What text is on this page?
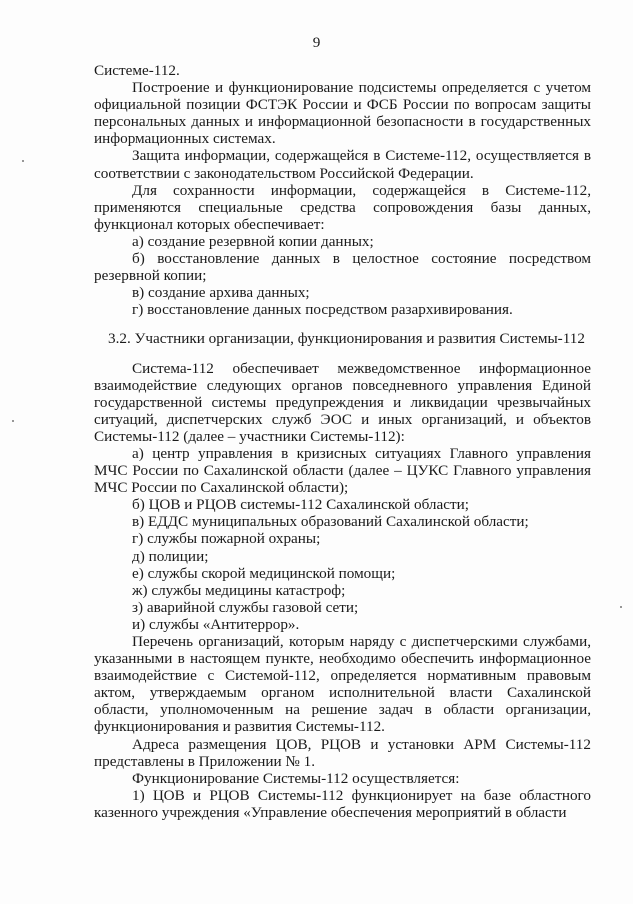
9

Системе-112.

Построение и функционирование подсистемы определяется с учетом официальной позиции ФСТЭК России и ФСБ России по вопросам защиты персональных данных и информационной безопасности в государственных информационных системах.

Защита информации, содержащейся в Системе-112, осуществляется в соответствии с законодательством Российской Федерации.

Для сохранности информации, содержащейся в Системе-112, применяются специальные средства сопровождения базы данных, функционал которых обеспечивает:

а) создание резервной копии данных;

б) восстановление данных в целостное состояние посредством резервной копии;

в) создание архива данных;

г) восстановление данных посредством разархивирования.

3.2. Участники организации, функционирования и развития Системы-112

Система-112 обеспечивает межведомственное информационное взаимодействие следующих органов повседневного управления Единой государственной системы предупреждения и ликвидации чрезвычайных ситуаций, диспетчерских служб ЭОС и иных организаций, и объектов Системы-112 (далее – участники Системы-112):

а) центр управления в кризисных ситуациях Главного управления МЧС России по Сахалинской области (далее – ЦУКС Главного управления МЧС России по Сахалинской области);

б) ЦОВ и РЦОВ системы-112 Сахалинской области;

в) ЕДДС муниципальных образований Сахалинской области;

г) службы пожарной охраны;

д) полиции;

е) службы скорой медицинской помощи;

ж) службы медицины катастроф;

з) аварийной службы газовой сети;

и) службы «Антитеррор».

Перечень организаций, которым наряду с диспетчерскими службами, указанными в настоящем пункте, необходимо обеспечить информационное взаимодействие с Системой-112, определяется нормативным правовым актом, утверждаемым органом исполнительной власти Сахалинской области, уполномоченным на решение задач в области организации, функционирования и развития Системы-112.

Адреса размещения ЦОВ, РЦОВ и установки АРМ Системы-112 представлены в Приложении № 1.

Функционирование Системы-112 осуществляется:

1) ЦОВ и РЦОВ Системы-112 функционирует на базе областного казенного учреждения «Управление обеспечения мероприятий в области
